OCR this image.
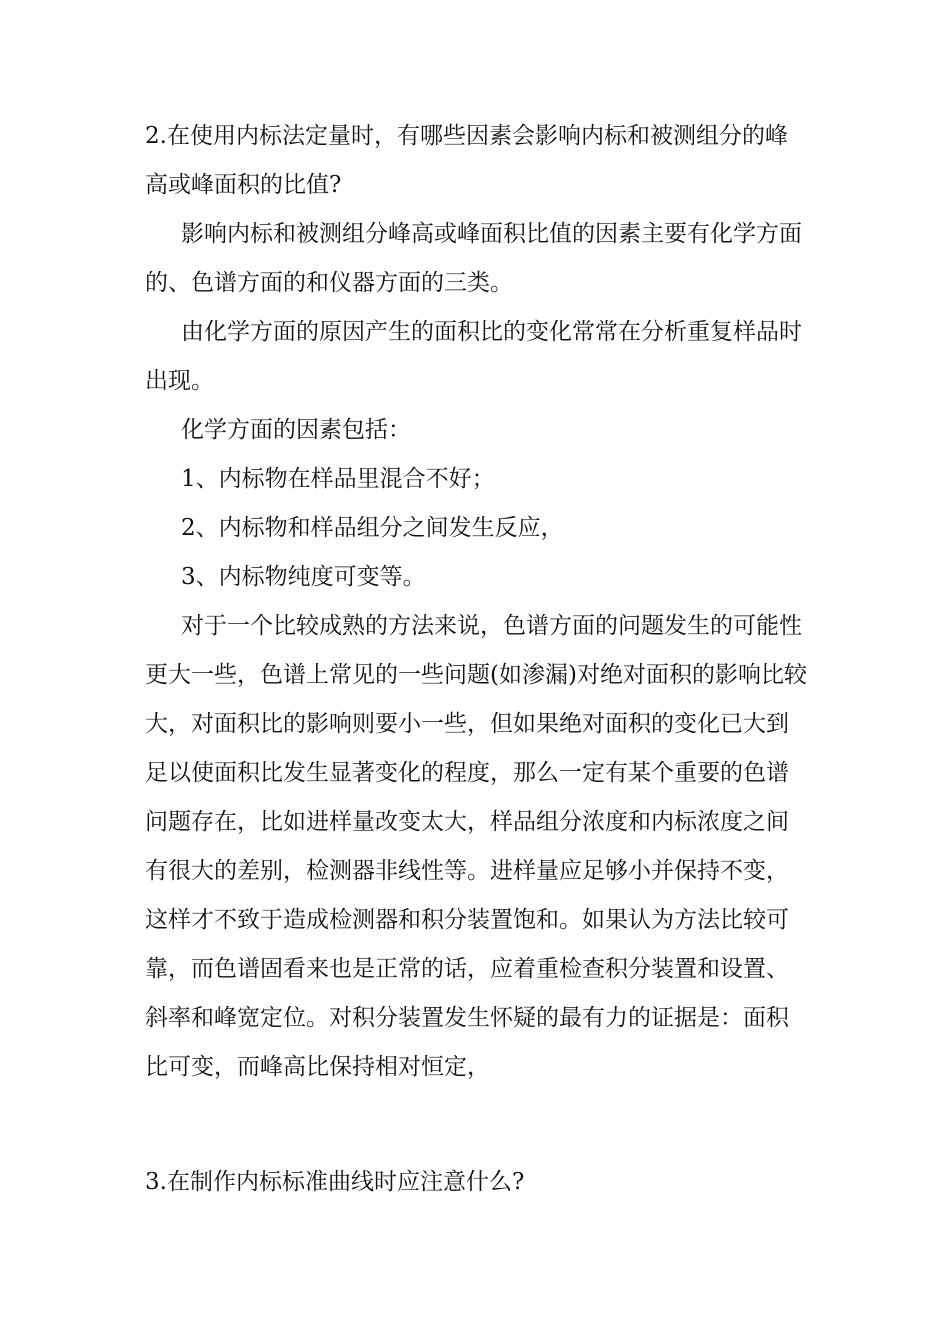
2.在使用内标法定量时，有哪些因素会影响内标和被测组分的峰高或峰面积的比值?

影响内标和被测组分峰高或峰面积比值的因素主要有化学方面的、色谱方面的和仪器方面的三类。

由化学方面的原因产生的面积比的变化常常在分析重复样品时出现。

化学方面的因素包括：

1、内标物在样品里混合不好；

2、内标物和样品组分之间发生反应，

3、内标物纯度可变等。

对于一个比较成熟的方法来说，色谱方面的问题发生的可能性更大一些，色谱上常见的一些问题(如渗漏)对绝对面积的影响比较大，对面积比的影响则要小一些，但如果绝对面积的变化已大到足以使面积比发生显著变化的程度，那么一定有某个重要的色谱问题存在，比如进样量改变太大，样品组分浓度和内标浓度之间有很大的差别，检测器非线性等。进样量应足够小并保持不变，这样才不致于造成检测器和积分装置饱和。如果认为方法比较可靠，而色谱固看来也是正常的话，应着重检查积分装置和设置、斜率和峰宽定位。对积分装置发生怀疑的最有力的证据是：面积比可变，而峰高比保持相对恒定，

3.在制作内标标准曲线时应注意什么?
